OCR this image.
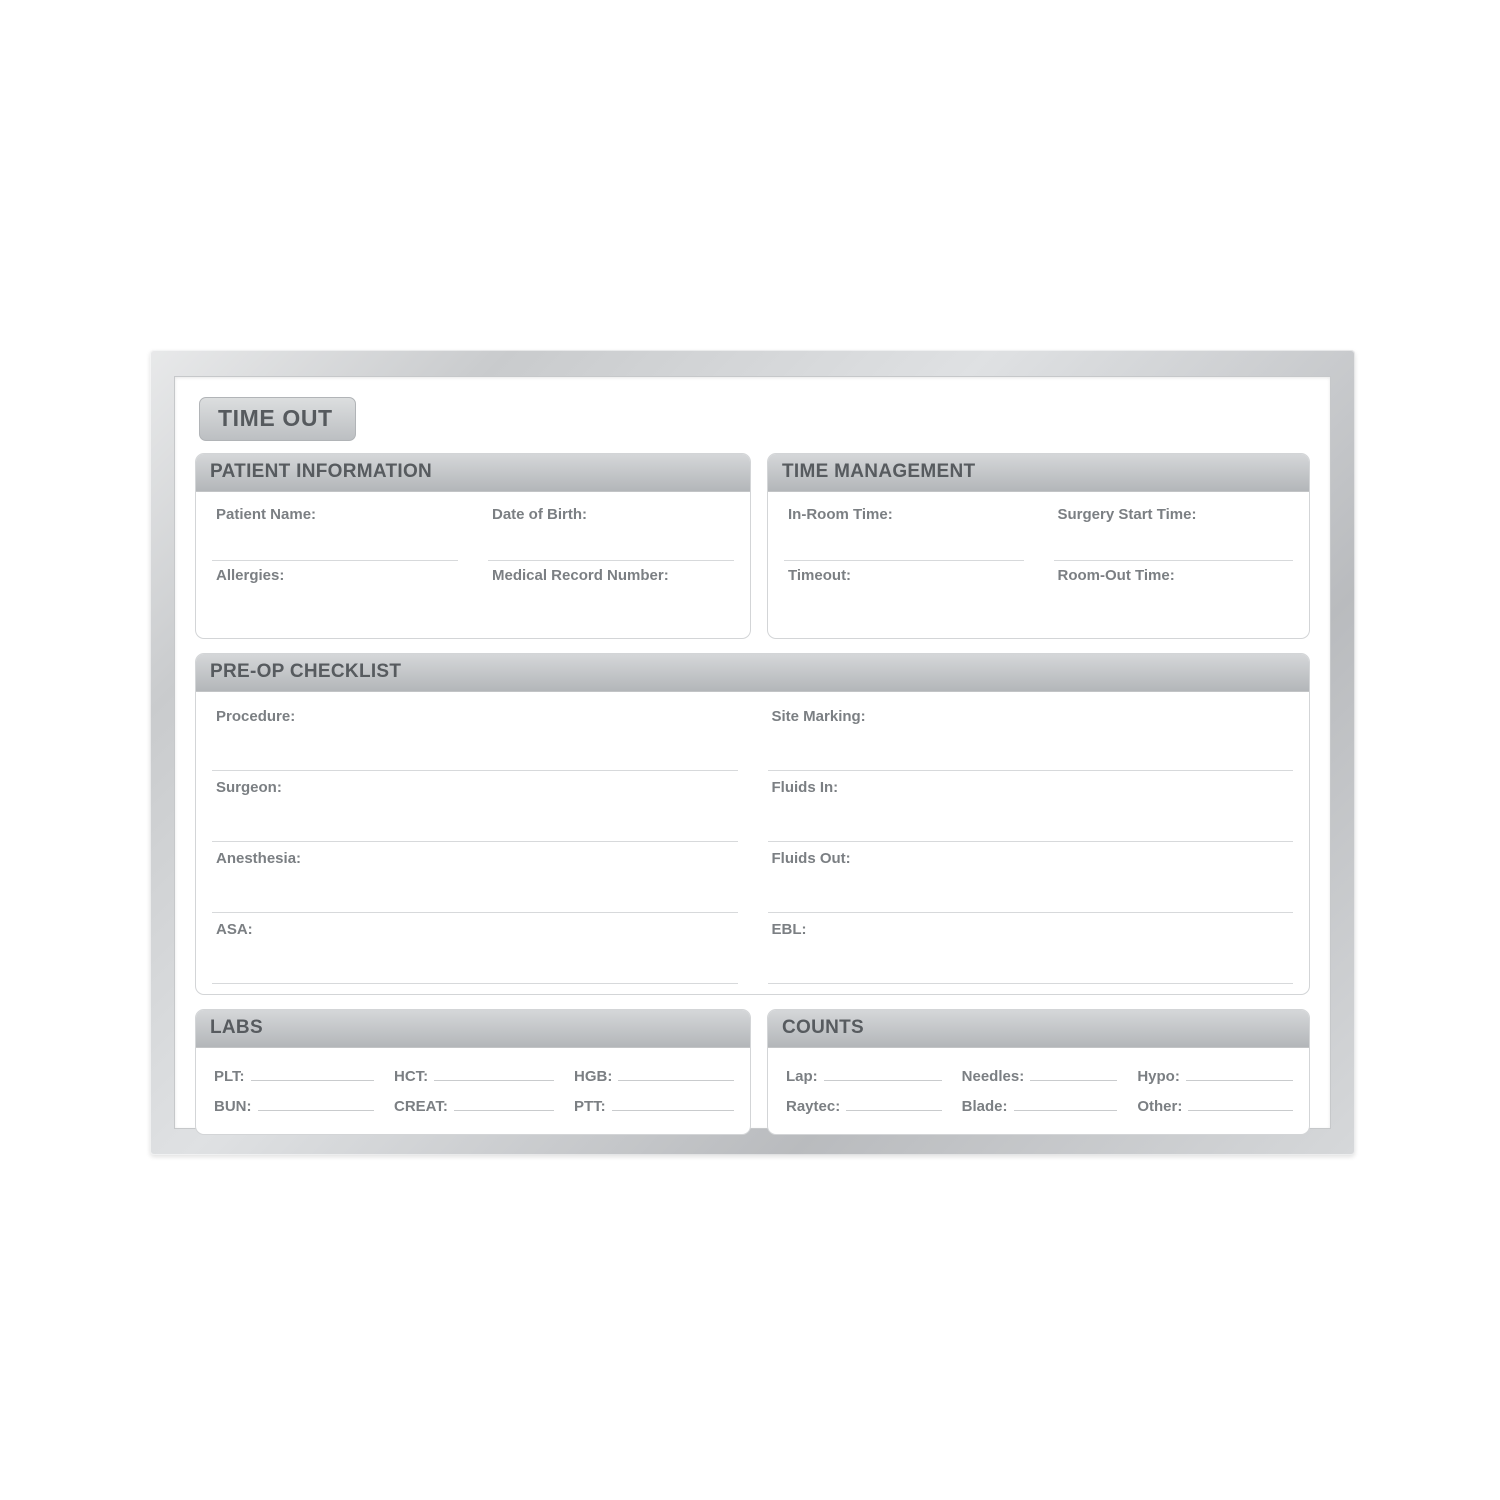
TIME OUT
PATIENT INFORMATION
Patient Name:	Date of Birth:
Allergies:	Medical Record Number:
TIME MANAGEMENT
In-Room Time:	Surgery Start Time:
Timeout:	Room-Out Time:
PRE-OP CHECKLIST
Procedure:	Site Marking:
Surgeon:	Fluids In:
Anesthesia:	Fluids Out:
ASA:	EBL:
LABS
PLT:	HCT:	HGB:
BUN:	CREAT:	PTT:
COUNTS
Lap:	Needles:	Hypo:
Raytec:	Blade:	Other:
